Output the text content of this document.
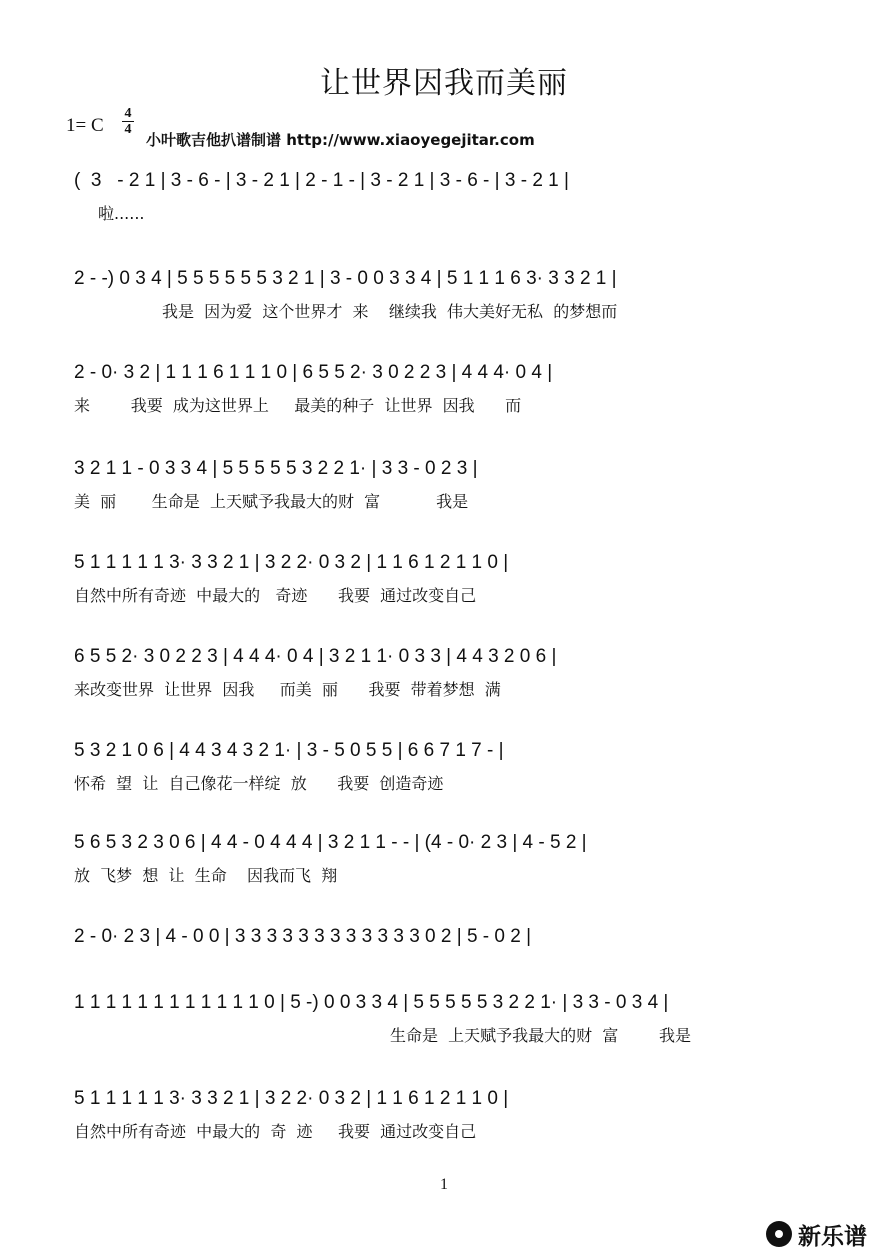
让世界因我而美丽
1= C
4
4
小叶歌吉他扒谱制谱 http://www.xiaoyegejitar.com
(  3   - 2 1 | 3 - 6 - | 3 - 2 1 | 2 - 1 - | 3 - 2 1 | 3 - 6 - | 3 - 2 1 |
啦......
2 - -) 0 3 4 | 5 5 5 5 5 5 3 2 1 | 3 - 0 0 3 3 4 | 5 1 1 1 6 3· 3 3 2 1 |
我是  因为爱  这个世界才  来    继续我  伟大美好无私  的梦想而
2 - 0· 3 2 | 1 1 1 6 1 1 1 0 | 6 5 5 2· 3 0 2 2 3 | 4 4 4· 0 4 |
来        我要  成为这世界上     最美的种子  让世界  因我      而
3 2 1 1 - 0 3 3 4 | 5 5 5 5 5 3 2 2 1· | 3 3 - 0 2 3 |
美  丽       生命是  上天赋予我最大的财  富           我是
5 1 1 1 1 1 3· 3 3 2 1 | 3 2 2· 0 3 2 | 1 1 6 1 2 1 1 0 |
自然中所有奇迹  中最大的   奇迹      我要  通过改变自己
6 5 5 2· 3 0 2 2 3 | 4 4 4· 0 4 | 3 2 1 1· 0 3 3 | 4 4 3 2 0 6 |
来改变世界  让世界  因我     而美  丽      我要  带着梦想  满
5 3 2 1 0 6 | 4 4 3 4 3 2 1· | 3 - 5 0 5 5 | 6 6 7 1 7 - |
怀希  望  让  自己像花一样绽  放      我要  创造奇迹
5 6 5 3 2 3 0 6 | 4 4 - 0 4 4 4 | 3 2 1 1 - - | (4 - 0· 2 3 | 4 - 5 2 |
放  飞梦  想  让  生命    因我而飞  翔
2 - 0· 2 3 | 4 - 0 0 | 3 3 3 3 3 3 3 3 3 3 3 3 0 2 | 5 - 0 2 |
1 1 1 1 1 1 1 1 1 1 1 1 0 | 5 -) 0 0 3 3 4 | 5 5 5 5 5 3 2 2 1· | 3 3 - 0 3 4 |
生命是  上天赋予我最大的财  富        我是
5 1 1 1 1 1 3· 3 3 2 1 | 3 2 2· 0 3 2 | 1 1 6 1 2 1 1 0 |
自然中所有奇迹  中最大的  奇  迹     我要  通过改变自己
1
新乐谱
